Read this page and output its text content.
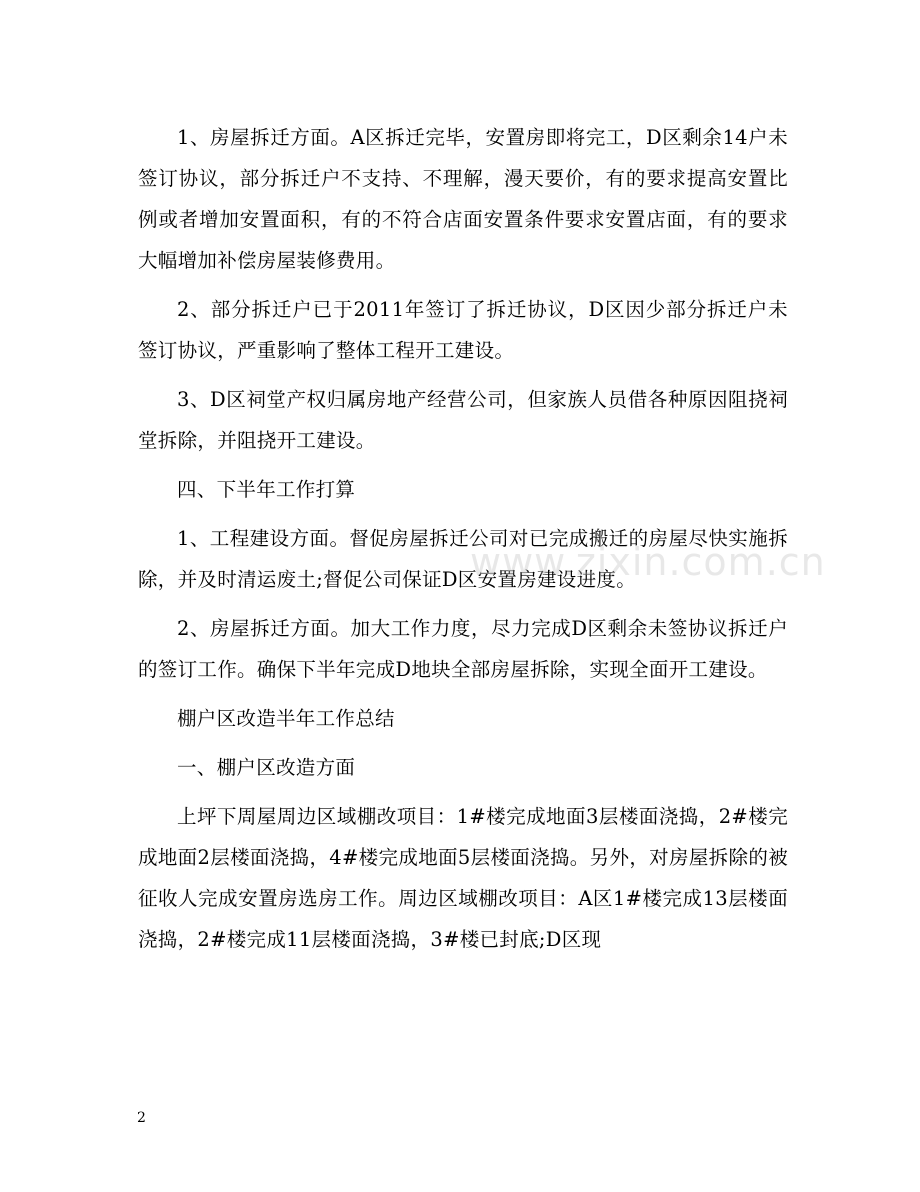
1、房屋拆迁方面。A区拆迁完毕，安置房即将完工，D区剩余14户未签订协议，部分拆迁户不支持、不理解，漫天要价，有的要求提高安置比例或者增加安置面积，有的不符合店面安置条件要求安置店面，有的要求大幅增加补偿房屋装修费用。

2、部分拆迁户已于2011年签订了拆迁协议，D区因少部分拆迁户未签订协议，严重影响了整体工程开工建设。

3、D区祠堂产权归属房地产经营公司，但家族人员借各种原因阻挠祠堂拆除，并阻挠开工建设。

四、下半年工作打算

1、工程建设方面。督促房屋拆迁公司对已完成搬迁的房屋尽快实施拆除，并及时清运废土;督促公司保证D区安置房建设进度。

2、房屋拆迁方面。加大工作力度，尽力完成D区剩余未签协议拆迁户的签订工作。确保下半年完成D地块全部房屋拆除，实现全面开工建设。

棚户区改造半年工作总结

一、棚户区改造方面

上坪下周屋周边区域棚改项目：1#楼完成地面3层楼面浇捣，2#楼完成地面2层楼面浇捣，4#楼完成地面5层楼面浇捣。另外，对房屋拆除的被征收人完成安置房选房工作。周边区域棚改项目：A区1#楼完成13层楼面浇捣，2#楼完成11层楼面浇捣，3#楼已封底;D区现

www.zixin.com.cn
2
